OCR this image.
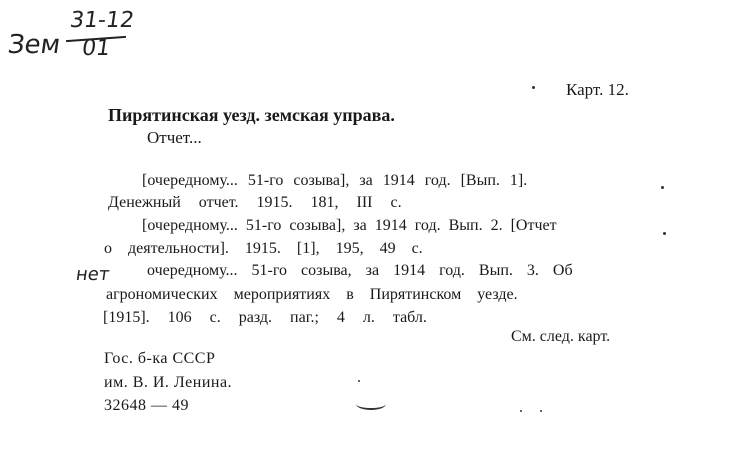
31-12
Зем 01
нет
Карт. 12.
Пирятинская уезд. земская управа.
Отчет...
[очередному... 51-го созыва], за 1914 год. [Вып. 1].
Денежный отчет. 1915. 181, III с.
[очередному... 51-го созыва], за 1914 год. Вып. 2. [Отчет
о деятельности]. 1915. [1], 195, 49 с.
очередному... 51-го созыва, за 1914 год. Вып. 3. Об
агрономических мероприятиях в Пирятинском уезде.
[1915]. 106 с. разд. паг.; 4 л. табл.
См. след. карт.
Гос. б-ка СССР
им. В. И. Ленина.
32648 — 49
